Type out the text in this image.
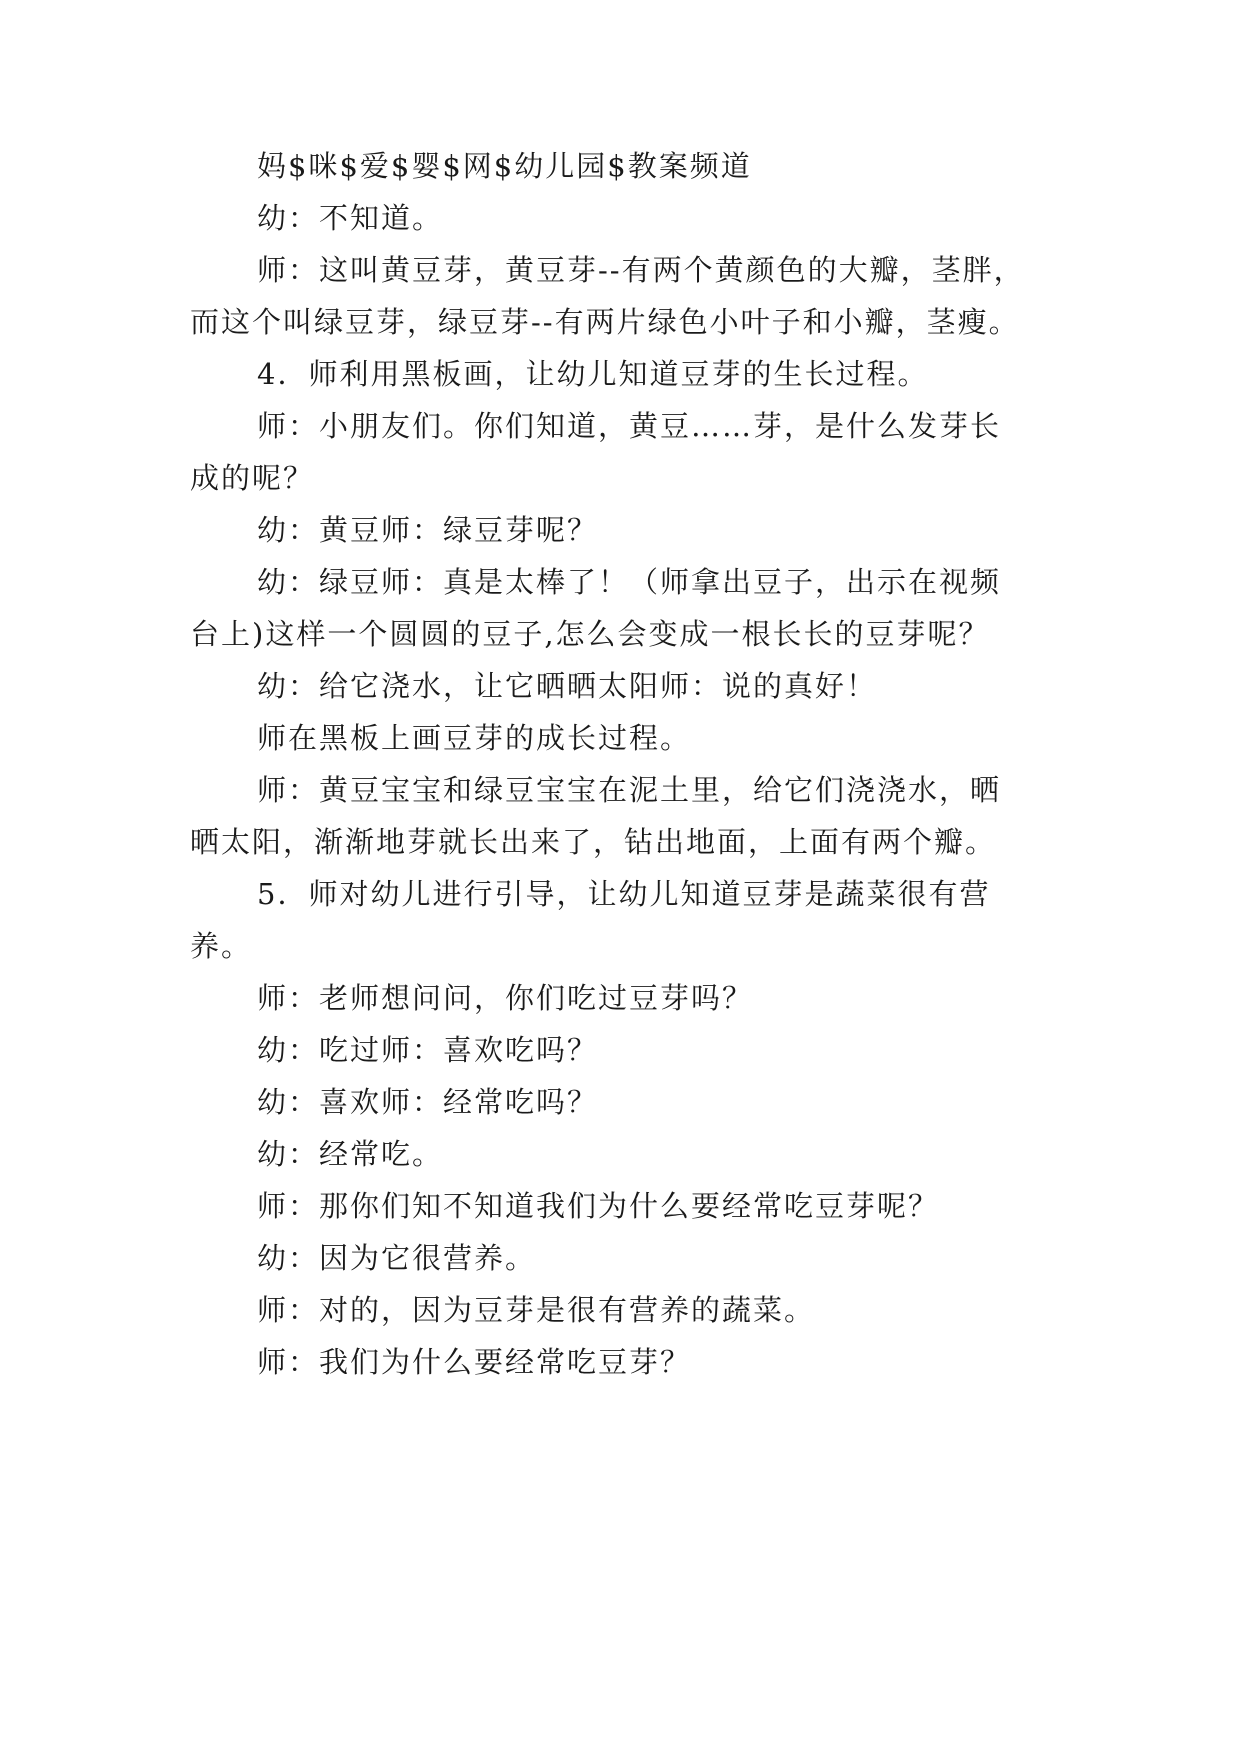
妈$咪$爱$婴$网$幼儿园$教案频道
幼：不知道。
师：这叫黄豆芽，黄豆芽--有两个黄颜色的大瓣，茎胖，
而这个叫绿豆芽，绿豆芽--有两片绿色小叶子和小瓣，茎瘦。
4．师利用黑板画，让幼儿知道豆芽的生长过程。
师：小朋友们。你们知道，黄豆……芽，是什么发芽长
成的呢？
幼：黄豆师：绿豆芽呢？
幼：绿豆师：真是太棒了！（师拿出豆子，出示在视频
台上)这样一个圆圆的豆子,怎么会变成一根长长的豆芽呢？
幼：给它浇水，让它晒晒太阳师：说的真好！
师在黑板上画豆芽的成长过程。
师：黄豆宝宝和绿豆宝宝在泥土里，给它们浇浇水，晒
晒太阳，渐渐地芽就长出来了，钻出地面，上面有两个瓣。
5．师对幼儿进行引导，让幼儿知道豆芽是蔬菜很有营
养。
师：老师想问问，你们吃过豆芽吗？
幼：吃过师：喜欢吃吗？
幼：喜欢师：经常吃吗？
幼：经常吃。
师：那你们知不知道我们为什么要经常吃豆芽呢？
幼：因为它很营养。
师：对的，因为豆芽是很有营养的蔬菜。
师：我们为什么要经常吃豆芽？
